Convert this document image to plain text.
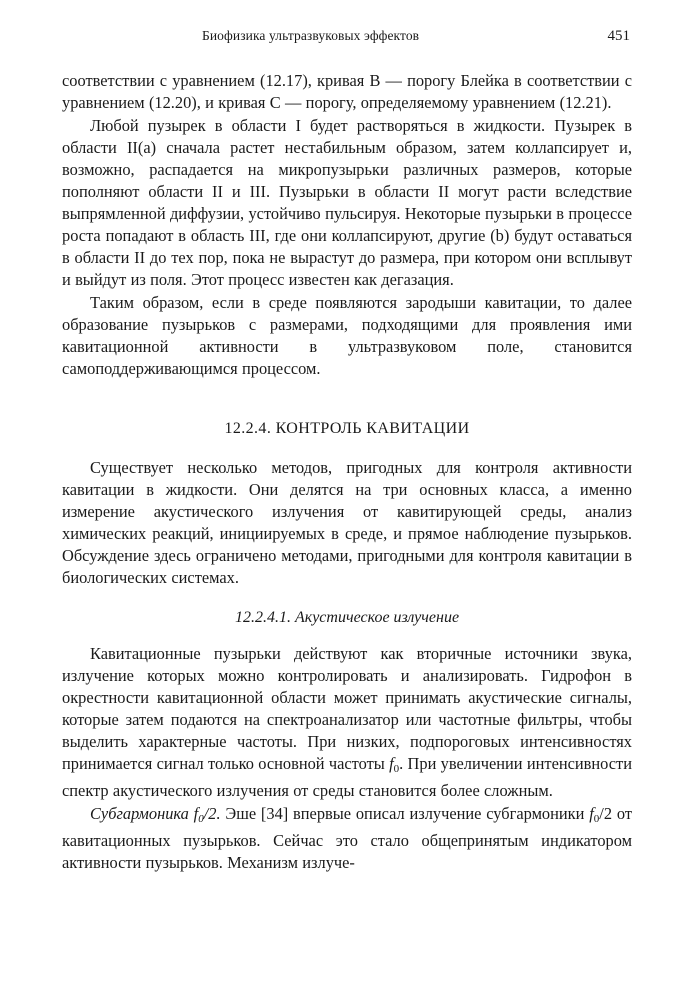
Биофизика ультразвуковых эффектов	451

соответствии с уравнением (12.17), кривая B — порогу Блейка в соответствии с уравнением (12.20), и кривая C — порогу, определяемому уравнением (12.21).

Любой пузырек в области I будет растворяться в жидкости. Пузырек в области II(а) сначала растет нестабильным образом, затем коллапсирует и, возможно, распадается на микропузырьки различных размеров, которые пополняют области II и III. Пузырьки в области II могут расти вследствие выпрямленной диффузии, устойчиво пульсируя. Некоторые пузырьки в процессе роста попадают в область III, где они коллапсируют, другие (b) будут оставаться в области II до тех пор, пока не вырастут до размера, при котором они всплывут и выйдут из поля. Этот процесс известен как дегазация.

Таким образом, если в среде появляются зародыши кавитации, то далее образование пузырьков с размерами, подходящими для проявления ими кавитационной активности в ультразвуковом поле, становится самоподдерживающимся процессом.

12.2.4. КОНТРОЛЬ КАВИТАЦИИ

Существует несколько методов, пригодных для контроля активности кавитации в жидкости. Они делятся на три основных класса, а именно измерение акустического излучения от кавитирующей среды, анализ химических реакций, инициируемых в среде, и прямое наблюдение пузырьков. Обсуждение здесь ограничено методами, пригодными для контроля кавитации в биологических системах.

12.2.4.1. Акустическое излучение

Кавитационные пузырьки действуют как вторичные источники звука, излучение которых можно контролировать и анализировать. Гидрофон в окрестности кавитационной области может принимать акустические сигналы, которые затем подаются на спектроанализатор или частотные фильтры, чтобы выделить характерные частоты. При низких, подпороговых интенсивностях принимается сигнал только основной частоты $f_0$. При увеличении интенсивности спектр акустического излучения от среды становится более сложным.

Субгармоника $f_0/2$. Эше [34] впервые описал излучение субгармоники $f_0/2$ от кавитационных пузырьков. Сейчас это стало общепринятым индикатором активности пузырьков. Механизм излуче-
